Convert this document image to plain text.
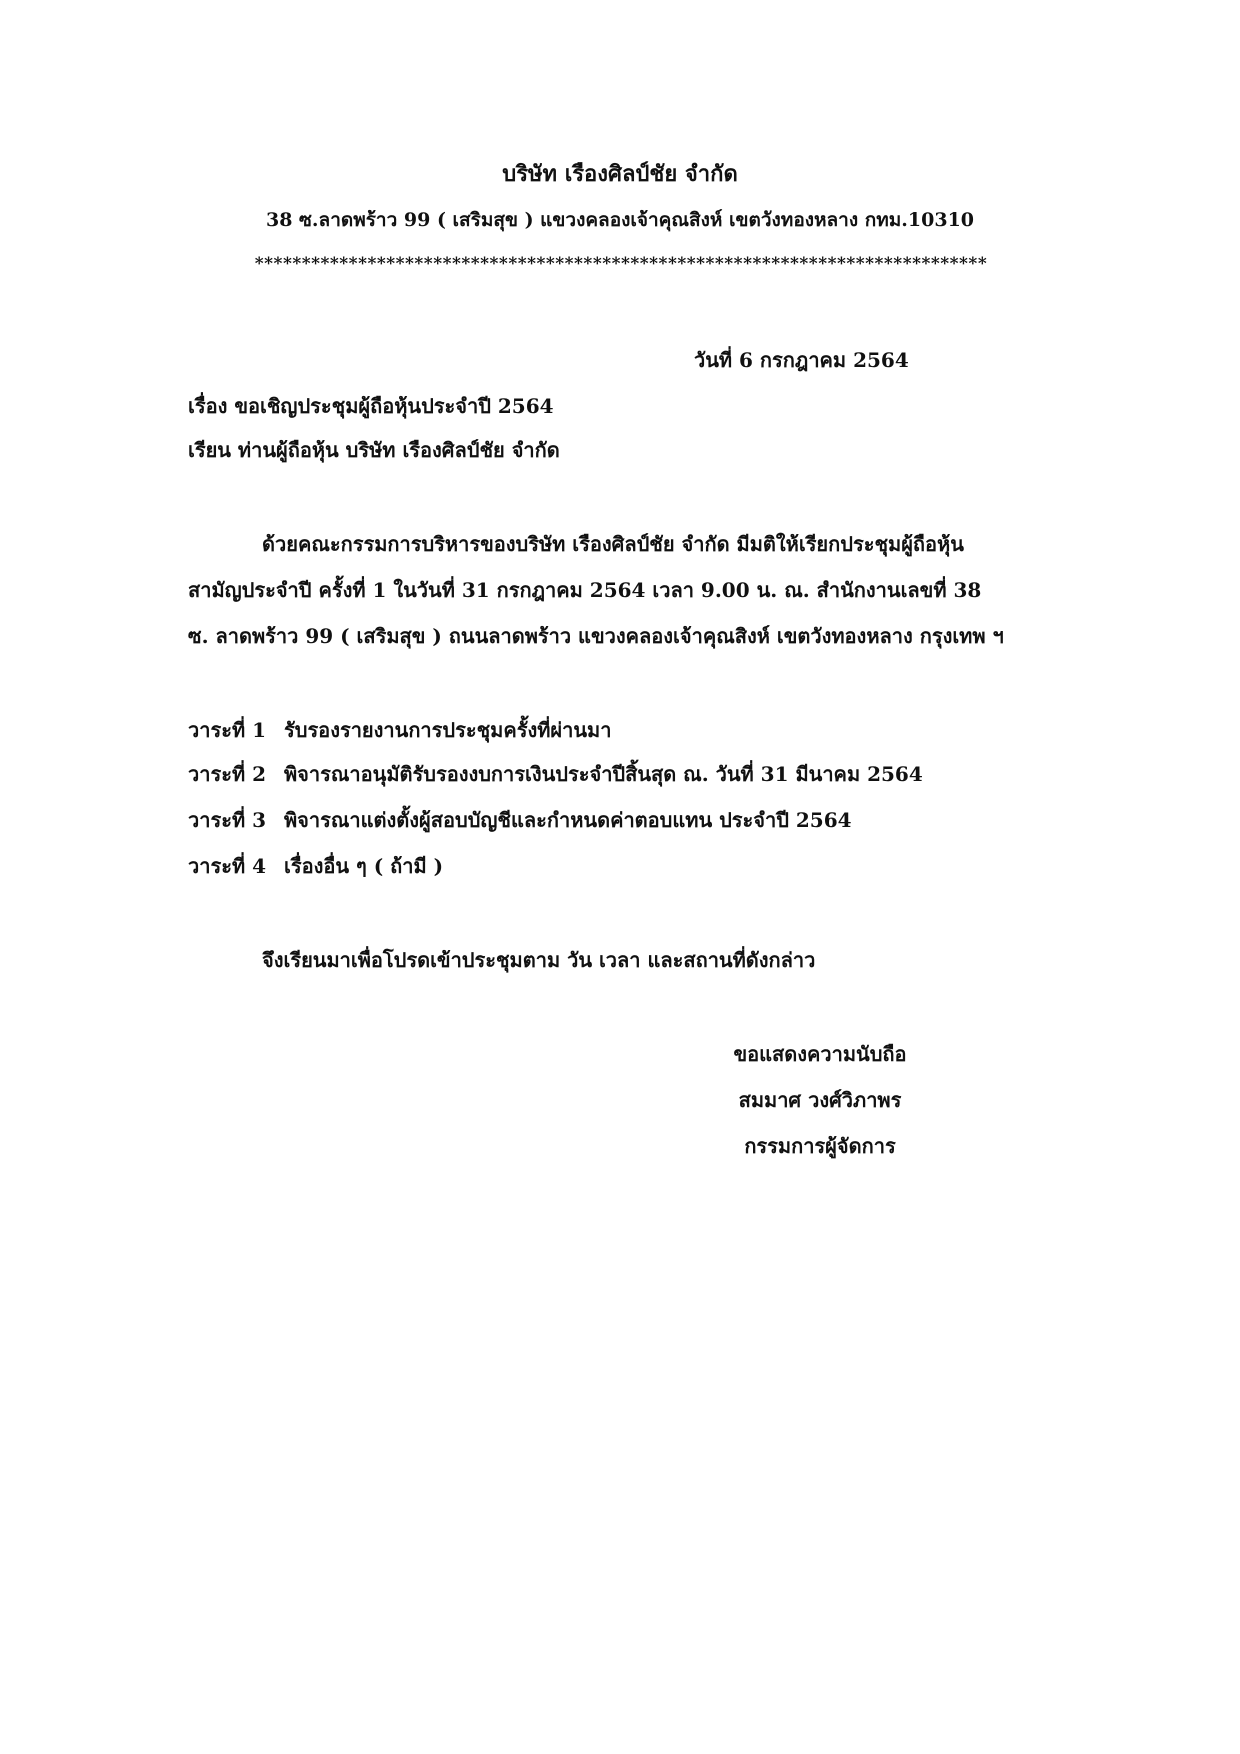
บริษัท เรืองศิลป์ชัย จำกัด
38 ซ.ลาดพร้าว 99 ( เสริมสุข ) แขวงคลองเจ้าคุณสิงห์ เขตวังทองหลาง กทม.10310
******************************************************************************
วันที่ 6 กรกฎาคม 2564
เรื่อง ขอเชิญประชุมผู้ถือหุ้นประจำปี 2564
เรียน ท่านผู้ถือหุ้น บริษัท เรืองศิลป์ชัย จำกัด
ด้วยคณะกรรมการบริหารของบริษัท เรืองศิลป์ชัย จำกัด มีมติให้เรียกประชุมผู้ถือหุ้น
สามัญประจำปี ครั้งที่ 1 ในวันที่ 31 กรกฎาคม 2564 เวลา 9.00 น. ณ. สำนักงานเลขที่ 38
ซ. ลาดพร้าว 99 ( เสริมสุข ) ถนนลาดพร้าว แขวงคลองเจ้าคุณสิงห์ เขตวังทองหลาง กรุงเทพ ฯ
วาระที่ 1 รับรองรายงานการประชุมครั้งที่ผ่านมา
วาระที่ 2 พิจารณาอนุมัติรับรองงบการเงินประจำปีสิ้นสุด ณ. วันที่ 31 มีนาคม 2564
วาระที่ 3 พิจารณาแต่งตั้งผู้สอบบัญชีและกำหนดค่าตอบแทน ประจำปี 2564
วาระที่ 4 เรื่องอื่น ๆ ( ถ้ามี )
จึงเรียนมาเพื่อโปรดเข้าประชุมตาม วัน เวลา และสถานที่ดังกล่าว
ขอแสดงความนับถือ
สมมาศ วงศ์วิภาพร
กรรมการผู้จัดการ
